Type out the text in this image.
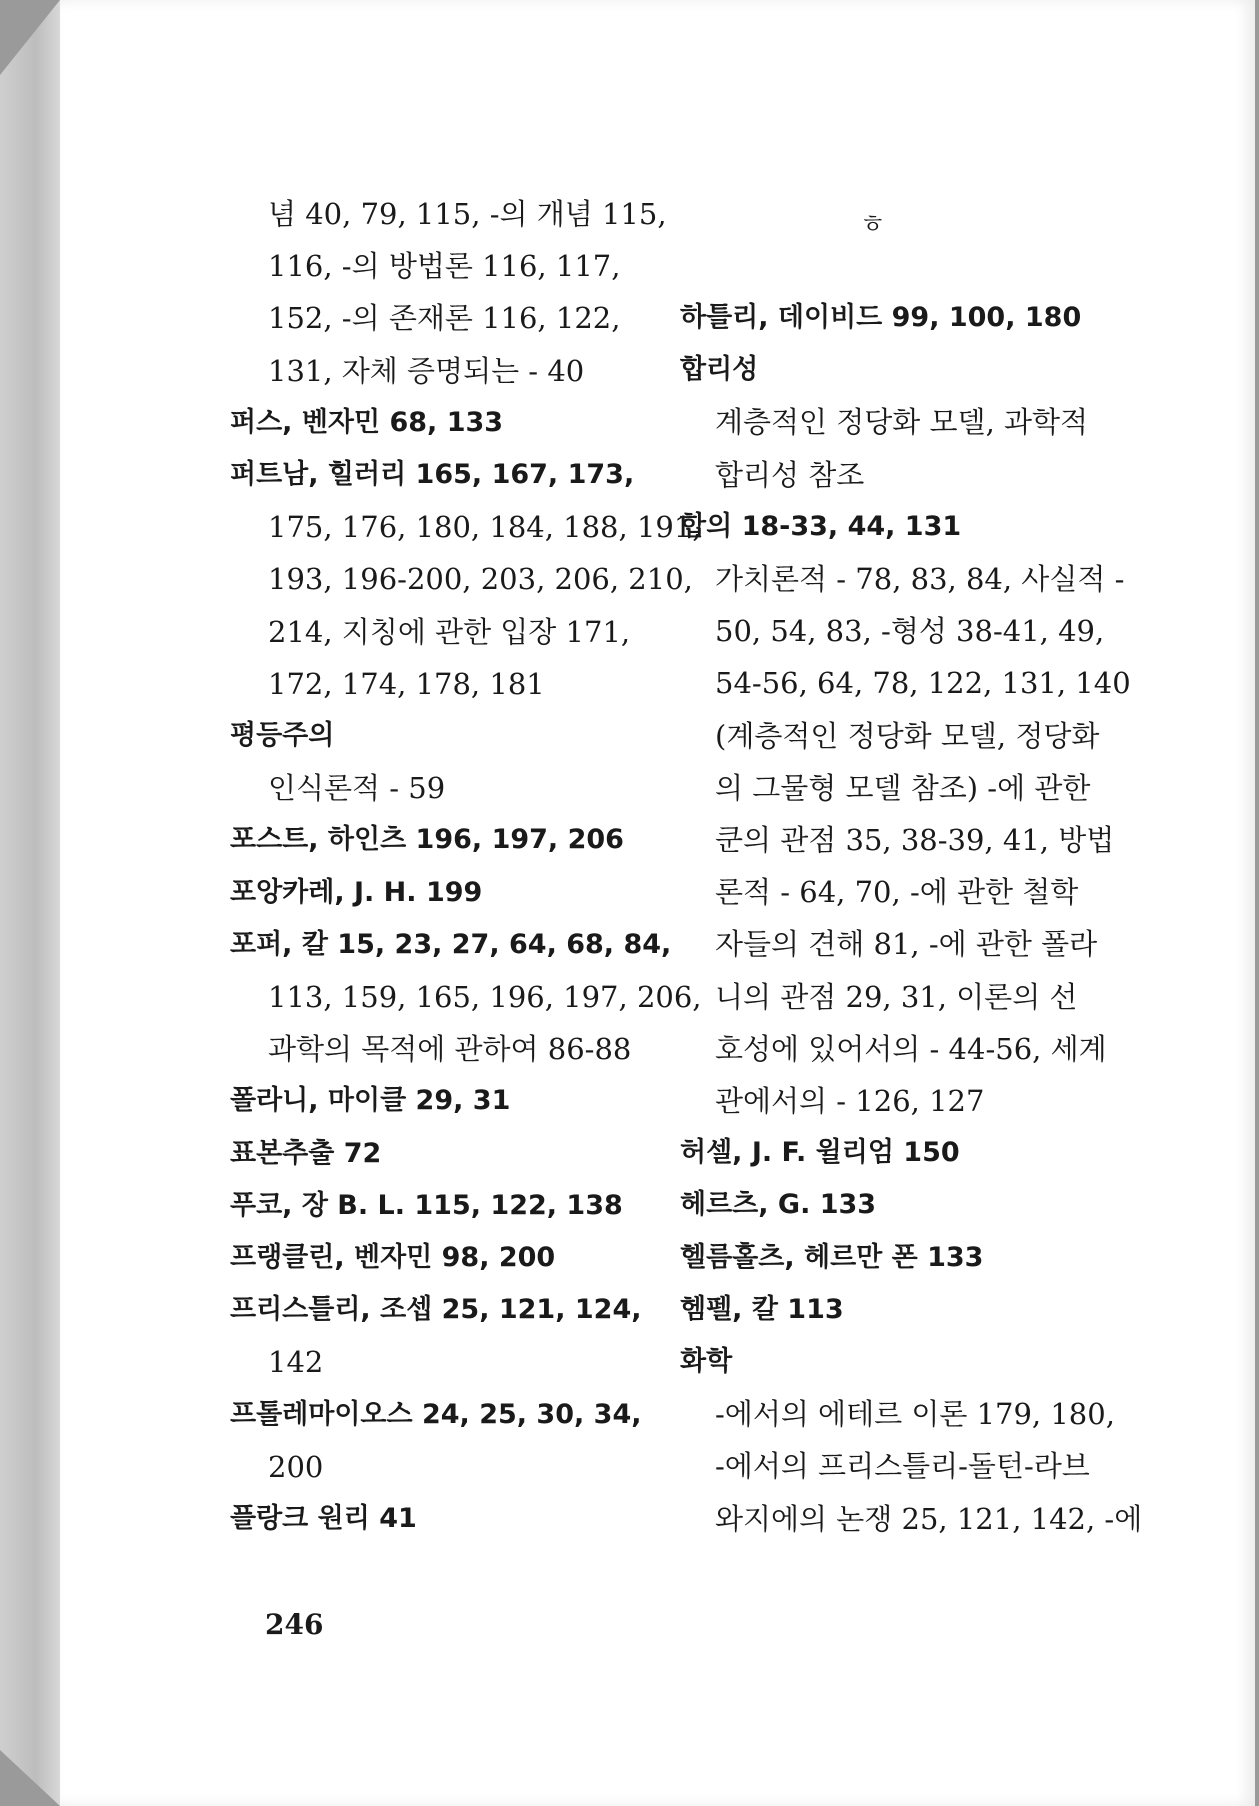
ㅎ
246
념 40, 79, 115, -의 개념 115,
116, -의 방법론 116, 117,
152, -의 존재론 116, 122,
131, 자체 증명되는 - 40
퍼스, 벤자민 68, 133
퍼트남, 힐러리 165, 167, 173,
175, 176, 180, 184, 188, 191,
193, 196-200, 203, 206, 210,
214, 지칭에 관한 입장 171,
172, 174, 178, 181
평등주의
인식론적 - 59
포스트, 하인츠 196, 197, 206
포앙카레, J. H. 199
포퍼, 칼 15, 23, 27, 64, 68, 84,
113, 159, 165, 196, 197, 206,
과학의 목적에 관하여 86-88
폴라니, 마이클 29, 31
표본추출 72
푸코, 장 B. L. 115, 122, 138
프랭클린, 벤자민 98, 200
프리스틀리, 조셉 25, 121, 124,
142
프톨레마이오스 24, 25, 30, 34,
200
플랑크 원리 41
하틀리, 데이비드 99, 100, 180
합리성
계층적인 정당화 모델, 과학적
합리성 참조
합의 18-33, 44, 131
가치론적 - 78, 83, 84, 사실적 -
50, 54, 83, -형성 38-41, 49,
54-56, 64, 78, 122, 131, 140
(계층적인 정당화 모델, 정당화
의 그물형 모델 참조) -에 관한
쿤의 관점 35, 38-39, 41, 방법
론적 - 64, 70, -에 관한 철학
자들의 견해 81, -에 관한 폴라
니의 관점 29, 31, 이론의 선
호성에 있어서의 - 44-56, 세계
관에서의 - 126, 127
허셀, J. F. 윌리엄 150
헤르츠, G. 133
헬름홀츠, 헤르만 폰 133
헴펠, 칼 113
화학
-에서의 에테르 이론 179, 180,
-에서의 프리스틀리-돌턴-라브
와지에의 논쟁 25, 121, 142, -에
